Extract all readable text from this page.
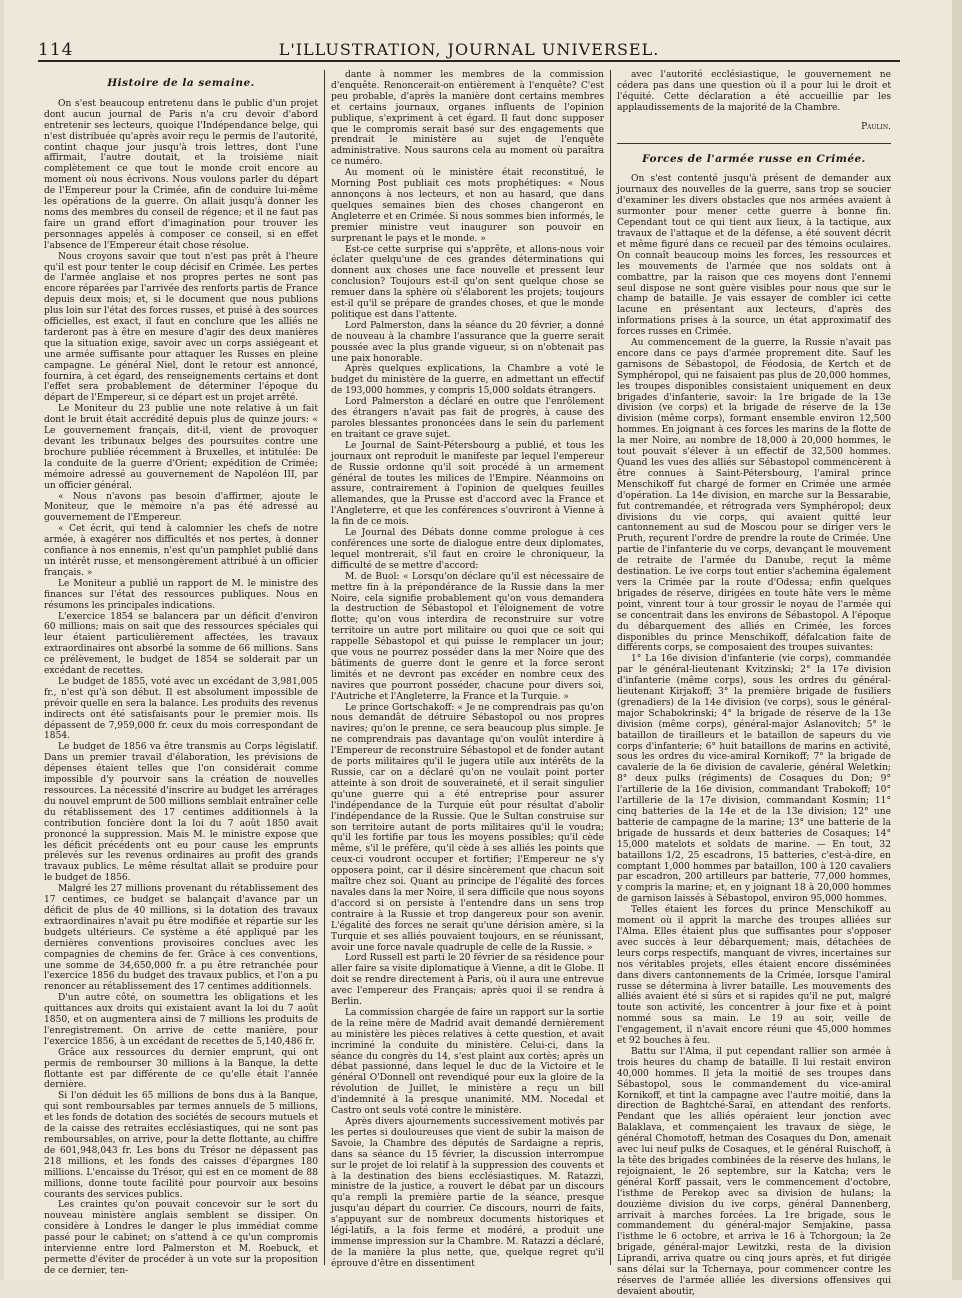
114	L'ILLUSTRATION, JOURNAL UNIVERSEL.
Histoire de la semaine.

On s'est beaucoup entretenu dans le public d'un projet dont aucun journal de Paris n'a cru devoir d'abord entretenir ses lecteurs, quoique l'Indépendance belge, qui n'est distribuée qu'après avoir reçu le permis de l'autorité, contint chaque jour jusqu'à trois lettres, dont l'une affirmait, l'autre doutait, et la troisième niait complètement ce que tout le monde croit encore au moment où nous écrivons. Nous voulons parler du départ de l'Empereur pour la Crimée, afin de conduire lui-même les opérations de la guerre. On allait jusqu'à donner les noms des membres du conseil de régence; et il ne faut pas faire un grand effort d'imagination pour trouver les personnages appelés à composer ce conseil, si en effet l'absence de l'Empereur était chose résolue.

Nous croyons savoir que tout n'est pas prêt à l'heure qu'il est pour tenter le coup décisif en Crimée. Les pertes de l'armée anglaise et nos propres pertes ne sont pas encore réparées par l'arrivée des renforts partis de France depuis deux mois; et, si le document que nous publions plus loin sur l'état des forces russes, et puisé à des sources officielles, est exact, il faut en conclure que les alliés ne tarderont pas à être en mesure d'agir des deux manières que la situation exige, savoir avec un corps assiégeant et une armée suffisante pour attaquer les Russes en pleine campagne. Le général Niel, dont le retour est annoncé, fournira, à cet égard, des renseignements certains et dont l'effet sera probablement de déterminer l'époque du départ de l'Empereur, si ce départ est un projet arrêté.

Le Moniteur du 23 publie une note relative à un fait dont le bruit était accrédité depuis plus de quinze jours: « Le gouvernement français, dit-il, vient de provoquer devant les tribunaux belges des poursuites contre une brochure publiée récemment à Bruxelles, et intitulée: De la conduite de la guerre d'Orient; expédition de Crimée; mémoire adressé au gouvernement de Napoléon III, par un officier général.

« Nous n'avons pas besoin d'affirmer, ajoute le Moniteur, que le mémoire n'a pas été adressé au gouvernement de l'Empereur.

« Cet écrit, qui tend à calomnier les chefs de notre armée, à exagérer nos difficultés et nos pertes, à donner confiance à nos ennemis, n'est qu'un pamphlet publié dans un intérêt russe, et mensongèrement attribué à un officier français. »

Le Moniteur a publié un rapport de M. le ministre des finances sur l'état des ressources publiques. Nous en résumons les principales indications.

L'exercice 1854 se balancera par un déficit d'environ 60 millions; mais on sait que des ressources spéciales qui leur étaient particulièrement affectées, les travaux extraordinaires ont absorbé la somme de 66 millions. Sans ce prélèvement, le budget de 1854 se solderait par un excédant de recettes.

Le budget de 1855, voté avec un excédant de 3,981,005 fr., n'est qu'à son début. Il est absolument impossible de prévoir quelle en sera la balance. Les produits des revenus indirects ont été satisfaisants pour le premier mois. Ils dépassent de 7,959,000 fr. ceux du mois correspondant de 1854.

Le budget de 1856 va être transmis au Corps législatif. Dans un premier travail d'élaboration, les prévisions de dépenses étaient telles que l'on considérait comme impossible d'y pourvoir sans la création de nouvelles ressources. La nécessité d'inscrire au budget les arrérages du nouvel emprunt de 500 millions semblait entraîner celle du rétablissement des 17 centimes additionnels à la contribution foncière dont la loi du 7 août 1850 avait prononcé la suppression. Mais M. le ministre expose que les déficit précédents ont eu pour cause les emprunts prélevés sur les revenus ordinaires au profit des grands travaux publics. Le même résultat allait se produire pour le budget de 1856.

Malgré les 27 millions provenant du rétablissement des 17 centimes, ce budget se balançait d'avance par un déficit de plus de 40 millions, si la dotation des travaux extraordinaires n'avait pu être modifiée et répartie sur les budgets ultérieurs. Ce système a été appliqué par les dernières conventions provisoires conclues avec les compagnies de chemins de fer. Grâce à ces conventions, une somme de 34,650,000 fr. a pu être retranchée pour l'exercice 1856 du budget des travaux publics, et l'on a pu renoncer au rétablissement des 17 centimes additionnels.

D'un autre côté, on soumettra les obligations et les quittances aux droits qui existaient avant la loi du 7 août 1850, et on augmentera ainsi de 7 millions les produits de l'enregistrement. On arrive de cette manière, pour l'exercice 1856, à un excédant de recettes de 5,140,486 fr.

Grâce aux ressources du dernier emprunt, qui ont permis de rembourser 30 millions à la Banque, la dette flottante est par différente de ce qu'elle était l'année dernière.

Si l'on déduit les 65 millions de bons dus à la Banque, qui sont remboursables par termes annuels de 5 millions, et les fonds de dotation des sociétés de secours mutuels et de la caisse des retraites ecclésiastiques, qui ne sont pas remboursables, on arrive, pour la dette flottante, au chiffre de 601,948,043 fr. Les bons du Trésor ne dépassent pas 218 millions, et les fonds des caisses d'épargnes 180 millions. L'encaisse du Trésor, qui est en ce moment de 88 millions, donne toute facilité pour pourvoir aux besoins courants des services publics.

Les craintes qu'on pouvait concevoir sur le sort du nouveau ministère anglais semblent se dissiper. On considère à Londres le danger le plus immédiat comme passé pour le cabinet; on s'attend à ce qu'un compromis intervienne entre lord Palmerston et M. Roebuck, et permette d'éviter de procéder à un vote sur la proposition de ce dernier, ten-

dante à nommer les membres de la commission d'enquête. Renoncerait-on entièrement à l'enquête? C'est peu probable, d'après la manière dont certains membres et certains journaux, organes influents de l'opinion publique, s'expriment à cet égard. Il faut donc supposer que le compromis serait basé sur des engagements que prendrait le ministère au sujet de l'enquête administrative. Nous saurons cela au moment où paraîtra ce numéro.

Au moment où le ministère était reconstitué, le Morning Post publiait ces mots prophétiques: « Nous annonçons à nos lecteurs, et non au hasard, que dans quelques semaines bien des choses changeront en Angleterre et en Crimée. Si nous sommes bien informés, le premier ministre veut inaugurer son pouvoir en surprenant le pays et le monde. »

Est-ce cette surprise qui s'apprête, et allons-nous voir éclater quelqu'une de ces grandes déterminations qui donnent aux choses une face nouvelle et pressent leur conclusion? Toujours est-il qu'on sent quelque chose se remuer dans la sphère où s'élaborent les projets; toujours est-il qu'il se prépare de grandes choses, et que le monde politique est dans l'attente.

Lord Palmerston, dans la séance du 20 février, a donné de nouveau à la chambre l'assurance que la guerre serait poussée avec la plus grande vigueur, si on n'obtenait pas une paix honorable.

Après quelques explications, la Chambre a voté le budget du ministère de la guerre, en admettant un effectif de 193,000 hommes, y compris 15,000 soldats étrangers.

Lord Palmerston a déclaré en outre que l'enrôlement des étrangers n'avait pas fait de progrès, à cause des paroles blessantes prononcées dans le sein du parlement en traitant ce grave sujet.

Le Journal de Saint-Pétersbourg a publié, et tous les journaux ont reproduit le manifeste par lequel l'empereur de Russie ordonne qu'il soit procédé à un armement général de toutes les milices de l'Empire. Néanmoins on assure, contrairement à l'opinion de quelques feuilles allemandes, que la Prusse est d'accord avec la France et l'Angleterre, et que les conférences s'ouvriront à Vienne à la fin de ce mois.

Le Journal des Débats donne comme prologue à ces conférences une sorte de dialogue entre deux diplomates, lequel montrerait, s'il faut en croire le chroniqueur, la difficulté de se mettre d'accord:

M. de Buol: « Lorsqu'on déclare qu'il est nécessaire de mettre fin à la prépondérance de la Russie dans la mer Noire, cela signifie probablement qu'on vous demandera la destruction de Sébastopol et l'éloignement de votre flotte; qu'on vous interdira de reconstruire sur votre territoire un autre port militaire ou quoi que ce soit qui rappelle Sébastopol et qui puisse le remplacer un jour; que vous ne pourrez posséder dans la mer Noire que des bâtiments de guerre dont le genre et la force seront limités et ne devront pas excéder en nombre ceux des navires que pourront posséder, chacune pour divers soi, l'Autriche et l'Angleterre, la France et la Turquie. »

Le prince Gortschakoff: « Je ne comprendrais pas qu'on nous demandât de détruire Sébastopol ou nos propres navires; qu'on le prenne, ce sera beaucoup plus simple. Je ne comprendrais pas davantage qu'on voulût interdire à l'Empereur de reconstruire Sébastopol et de fonder autant de ports militaires qu'il le jugera utile aux intérêts de la Russie, car on a déclaré qu'on ne voulait point porter atteinte à son droit de souveraineté, et il serait singulier qu'une guerre qui a été entreprise pour assurer l'indépendance de la Turquie eût pour résultat d'abolir l'indépendance de la Russie. Que le Sultan construise sur son territoire autant de ports militaires qu'il le voudra; qu'il les fortifie par tous les moyens possibles; qu'il cède même, s'il le préfère, qu'il cède à ses alliés les points que ceux-ci voudront occuper et fortifier; l'Empereur ne s'y opposera point, car il désire sincèrement que chacun soit maître chez soi. Quant au principe de l'égalité des forces navales dans la mer Noire, il sera difficile que nous soyons d'accord si on persiste à l'entendre dans un sens trop contraire à la Russie et trop dangereux pour son avenir. L'égalité des forces ne serait qu'une dérision amère, si la Turquie et ses alliés pouvaient toujours, en se réunissant, avoir une force navale quadruple de celle de la Russie. »

Lord Russell est parti le 20 février de sa résidence pour aller faire sa visite diplomatique à Vienne, a dit le Globe. Il doit se rendre directement à Paris, où il aura une entrevue avec l'empereur des Français; après quoi il se rendra à Berlin.

La commission chargée de faire un rapport sur la sortie de la reine mère de Madrid avait demandé dernièrement au ministère les pièces relatives à cette question, et avait incriminé la conduite du ministère. Celui-ci, dans la séance du congrès du 14, s'est plaint aux cortès; après un débat passionné, dans lequel le duc de la Victoire et le général O'Donnell ont revendiqué pour eux la gloire de la révolution de Juillet, le ministère a reçu un bill d'indemnité à la presque unanimité. MM. Nocedal et Castro ont seuls voté contre le ministère.

Après divers ajournements successivement motivés par les pertes si douloureuses que vient de subir la maison de Savoie, la Chambre des députés de Sardaigne a repris, dans sa séance du 15 février, la discussion interrompue sur le projet de loi relatif à la suppression des couvents et à la destination des biens ecclésiastiques. M. Ratazzi, ministre de la justice, a rouvert le débat par un discours qu'a rempli la première partie de la séance, presque jusqu'au départ du courrier. Ce discours, nourri de faits, s'appuyant sur de nombreux documents historiques et légi-latifs, a la fois ferme et modéré, a produit une immense impression sur la Chambre. M. Ratazzi a déclaré, de la manière la plus nette, que, quelque regret qu'il éprouve d'être en dissentiment

avec l'autorité ecclésiastique, le gouvernement ne cédera pas dans une question où il a pour lui le droit et l'équité. Cette déclaration a été accueillie par les applaudissements de la majorité de la Chambre.

Paulin.
Forces de l'armée russe en Crimée.

On s'est contenté jusqu'à présent de demander aux journaux des nouvelles de la guerre, sans trop se soucier d'examiner les divers obstacles que nos armées avaient à surmonter pour mener cette guerre à bonne fin. Cependant tout ce qui tient aux lieux, à la tactique, aux travaux de l'attaque et de la défense, a été souvent décrit et même figuré dans ce recueil par des témoins oculaires. On connaît beaucoup moins les forces, les ressources et les mouvements de l'armée que nos soldats ont à combattre, par la raison que ces moyens dont l'ennemi seul dispose ne sont guère visibles pour nous que sur le champ de bataille. Je vais essayer de combler ici cette lacune en présentant aux lecteurs, d'après des informations prises à la source, un état approximatif des forces russes en Crimée.

Au commencement de la guerre, la Russie n'avait pas encore dans ce pays d'armée proprement dite. Sauf les garnisons de Sébastopol, de Féodosia, de Kertch et de Symphéropol, qui ne faisaient pas plus de 20,000 hommes, les troupes disponibles consistaient uniquement en deux brigades d'infanterie, savoir: la 1re brigade de la 13e division (ve corps) et la brigade de réserve de la 13e division (même corps), formant ensemble environ 12,500 hommes. En joignant à ces forces les marins de la flotte de la mer Noire, au nombre de 18,000 à 20,000 hommes, le tout pouvait s'élever à un effectif de 32,500 hommes. Quand les vues des alliés sur Sébastopol commencèrent à être connues à Saint-Pétersbourg, l'amiral prince Menschikoff fut chargé de former en Crimée une armée d'opération. La 14e division, en marche sur la Bessarabie, fut contremandée, et rétrograda vers Symphéropol; deux divisions du vie corps, qui avaient quitté leur cantonnement au sud de Moscou pour se diriger vers le Pruth, reçurent l'ordre de prendre la route de Crimée. Une partie de l'infanterie du ve corps, devançant le mouvement de retraite de l'armée du Danube, reçut la même destination. Le ive corps tout entier s'achemina également vers la Crimée par la route d'Odessa; enfin quelques brigades de réserve, dirigées en toute hâte vers le même point, vinrent tour à tour grossir le noyau de l'armée qui se concentrait dans les environs de Sébastopol. A l'époque du débarquement des alliés en Crimée, les forces disponibles du prince Menschikoff, défalcation faite de différents corps, se composaient des troupes suivantes:

1° La 16e division d'infanterie (vie corps), commandée par le général-lieutenant Kvitzinski; 2° la 17e division d'infanterie (même corps), sous les ordres du général-lieutenant Kirjakoff; 3° la première brigade de fusiliers (grenadiers) de la 14e division (ve corps), sous le général-major Schabokrinski; 4° la brigade de réserve de la 13e division (même corps), général-major Aslanovitch; 5° le bataillon de tirailleurs et le bataillon de sapeurs du vie corps d'infanterie; 6° huit bataillons de marins en activité, sous les ordres du vice-amiral Kornikoff; 7° la brigade de cavalerie de la 6e division de cavalerie, général Weletkin; 8° deux pulks (régiments) de Cosaques du Don; 9° l'artillerie de la 16e division, commandant Trabokoff; 10° l'artillerie de la 17e division, commandant Kosmin; 11° cinq batteries de la 14e et de la 13e division; 12° une batterie de campagne de la marine; 13° une batterie de la brigade de hussards et deux batteries de Cosaques; 14° 15,000 matelots et soldats de marine. — En tout, 32 bataillons 1/2, 25 escadrons, 15 batteries, c'est-à-dire, en comptant 1,000 hommes par bataillon, 100 à 120 cavaliers par escadron, 200 artilleurs par batterie, 77,000 hommes, y compris la marine; et, en y joignant 18 à 20,000 hommes de garnison laissés à Sébastopol, environ 95,000 hommes.

Telles étaient les forces du prince Menschikoff au moment où il apprit la marche des troupes alliées sur l'Alma. Elles étaient plus que suffisantes pour s'opposer avec succès à leur débarquement; mais, détachées de leurs corps respectifs, manquant de vivres, incertaines sur nos véritables projets, elles étaient encore disséminées dans divers cantonnements de la Crimée, lorsque l'amiral russe se détermina à livrer bataille. Les mouvements des alliés avaient été si sûrs et si rapides qu'il ne put, malgré toute son activité, les concentrer à jour fixe et à point nommé sous sa main. Le 19 au soir, veille de l'engagement, il n'avait encore réuni que 45,000 hommes et 92 bouches à feu.

Battu sur l'Alma, il put cependant rallier son armée à trois heures du champ de bataille. Il lui restait environ 40,000 hommes. Il jeta la moitié de ses troupes dans Sébastopol, sous le commandement du vice-amiral Kornikoff, et tint la campagne avec l'autre moitié, dans la direction de Baghtché-Saraï, en attendant des renforts. Pendant que les alliés opéraient leur jonction avec Balaklava, et commençaient les travaux de siège, le général Chomotoff, hetman des Cosaques du Don, amenait avec lui neuf pulks de Cosaques, et le général Ruischoff, à la tête des brigades combinées de la réserve des hulans, le rejoignaient, le 26 septembre, sur la Katcha; vers le général Korff passait, vers le commencement d'octobre, l'isthme de Perekop avec sa division de hulans; la douzième division du ive corps, général Dannenberg, arrivait à marches forcées. La 1re brigade, sous le commandement du général-major Semjakine, passa l'isthme le 6 octobre, et arriva le 16 à Tchorgoun; la 2e brigade, général-major Lewitzki, resta de la division Liprandi, arriva quatre ou cinq jours après, et fut dirigée sans délai sur la Tchernaya, pour commencer contre les réserves de l'armée alliée les diversions offensives qui devaient aboutir,
